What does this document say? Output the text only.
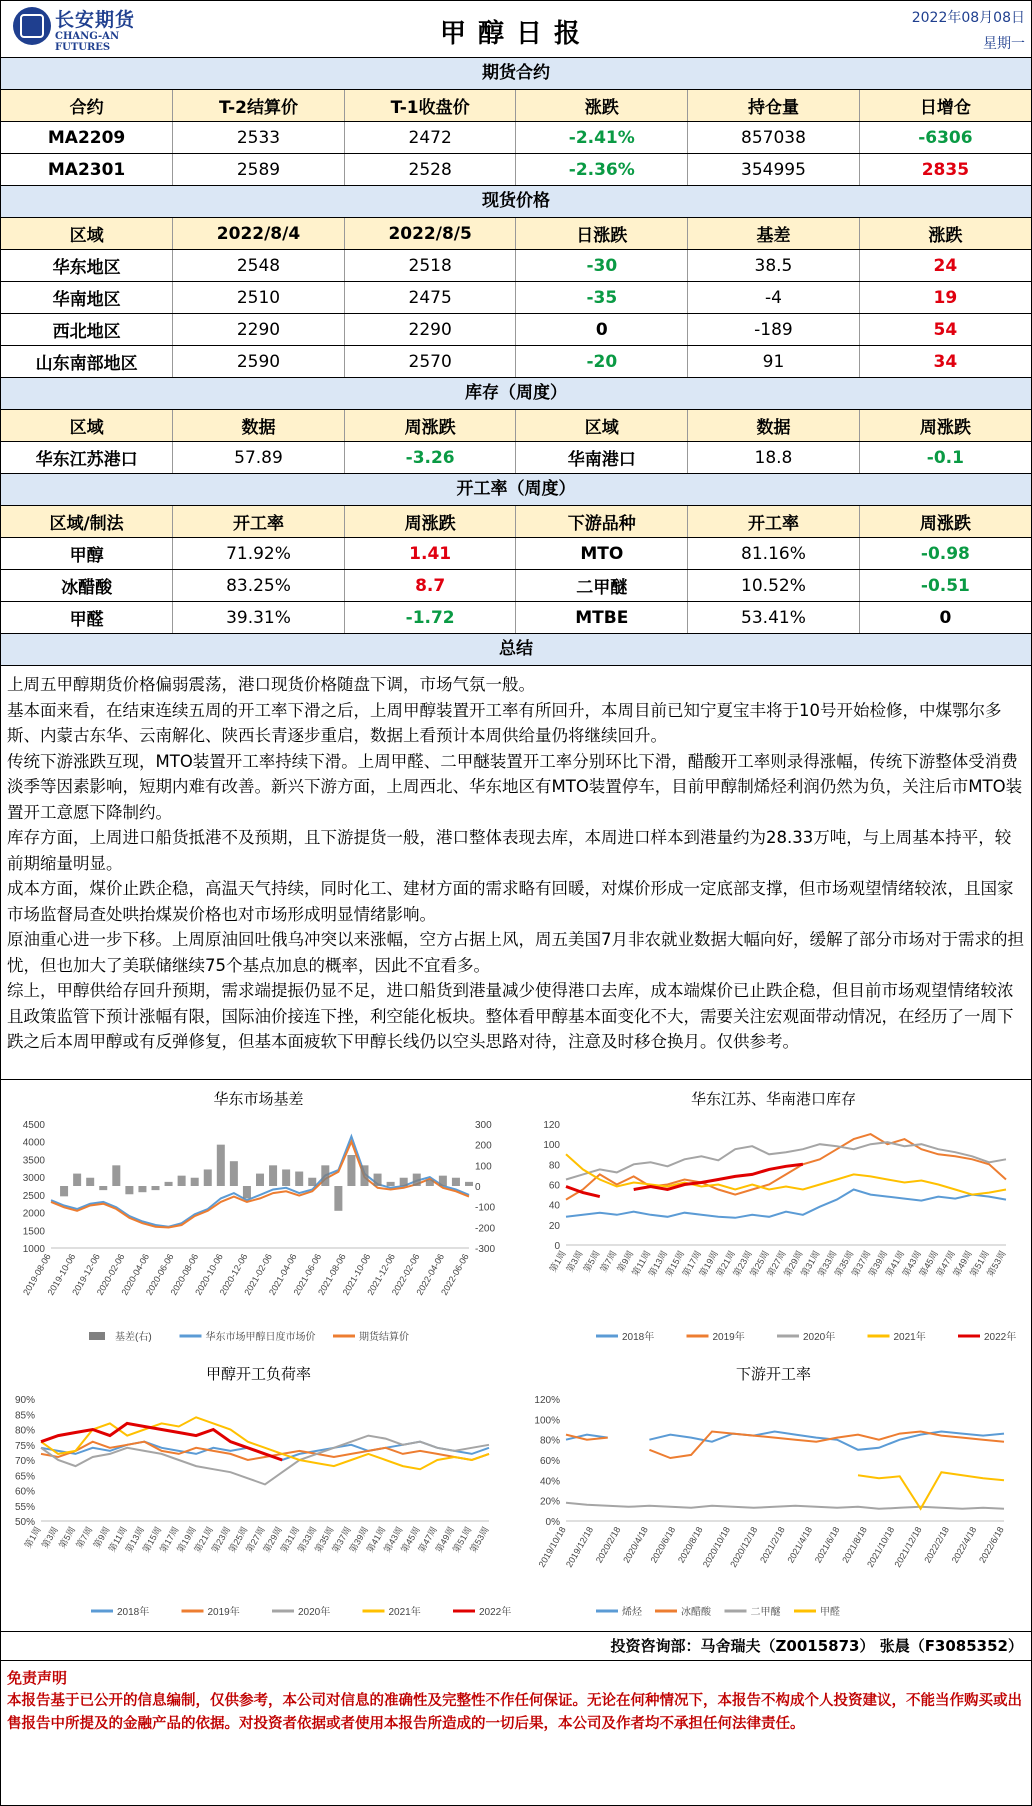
长安期货
CHANG-AN FUTURES	甲醇日报
2022年08月08日
星期一
期货合约
合约	T-2结算价	T-1收盘价	涨跌	持仓量	日增仓
MA2209	2533	2472	-2.41%	857038	-6306
MA2301	2589	2528	-2.36%	354995	2835
现货价格
区域	2022/8/4	2022/8/5	日涨跌	基差	涨跌
华东地区	2548	2518	-30	38.5	24
华南地区	2510	2475	-35	-4	19
西北地区	2290	2290	0	-189	54
山东南部地区	2590	2570	-20	91	34
库存（周度）
区域	数据	周涨跌	区域	数据	周涨跌
华东江苏港口	57.89	-3.26	华南港口	18.8	-0.1
开工率（周度）
区域/制法	开工率	周涨跌	下游品种	开工率	周涨跌
甲醇	71.92%	1.41	MTO	81.16%	-0.98
冰醋酸	83.25%	8.7	二甲醚	10.52%	-0.51
甲醛	39.31%	-1.72	MTBE	53.41%	0
总结

上周五甲醇期货价格偏弱震荡，港口现货价格随盘下调，市场气氛一般。

基本面来看，在结束连续五周的开工率下滑之后，上周甲醇装置开工率有所回升，本周目前已知宁夏宝丰将于10号开始检修，中煤鄂尔多斯、内蒙古东华、云南解化、陕西长青逐步重启，数据上看预计本周供给量仍将继续回升。

传统下游涨跌互现，MTO装置开工率持续下滑。上周甲醛、二甲醚装置开工率分别环比下滑，醋酸开工率则录得涨幅，传统下游整体受消费淡季等因素影响，短期内难有改善。新兴下游方面，上周西北、华东地区有MTO装置停车，目前甲醇制烯烃利润仍然为负，关注后市MTO装置开工意愿下降制约。

库存方面，上周进口船货抵港不及预期，且下游提货一般，港口整体表现去库，本周进口样本到港量约为28.33万吨，与上周基本持平，较前期缩量明显。

成本方面，煤价止跌企稳，高温天气持续，同时化工、建材方面的需求略有回暖，对煤价形成一定底部支撑，但市场观望情绪较浓，且国家市场监督局查处哄抬煤炭价格也对市场形成明显情绪影响。

原油重心进一步下移。上周原油回吐俄乌冲突以来涨幅，空方占据上风，周五美国7月非农就业数据大幅向好，缓解了部分市场对于需求的担忧，但也加大了美联储继续75个基点加息的概率，因此不宜看多。

综上，甲醇供给存回升预期，需求端提振仍显不足，进口船货到港量减少使得港口去库，成本端煤价已止跌企稳，但目前市场观望情绪较浓且政策监管下预计涨幅有限，国际油价接连下挫，利空能化板块。整体看甲醇基本面变化不大，需要关注宏观面带动情况，在经历了一周下跌之后本周甲醇或有反弹修复，但基本面疲软下甲醇长线仍以空头思路对待，注意及时移仓换月。仅供参考。

华东市场基差
4500
4000
3500
3000
2500
2000
1500
1000
300
200
100
0
-100
-200
-300
2019-08-06
2019-10-06
2019-12-06
2020-02-06
2020-04-06
2020-06-06
2020-08-06
2020-10-06
2020-12-06
2021-02-06
2021-04-06
2021-06-06
2021-08-06
2021-10-06
2021-12-06
2022-02-06
2022-04-06
2022-06-06
基差(右)	华东市场甲醇日度市场价	期货结算价
华东江苏、华南港口库存
120
100
80
60
40
20
0
第1周
第3周
第5周
第7周
第9周
第11周
第13周
第15周
第17周
第19周
第21周
第23周
第25周
第27周
第29周
第31周
第33周
第35周
第37周
第39周
第41周
第43周
第45周
第47周
第49周
第51周
第53周
2018年	2019年	2020年	2021年	2022年
甲醇开工负荷率
90%
85%
80%
75%
70%
65%
60%
55%
50%
第1周
第3周
第5周
第7周
第9周
第11周
第13周
第15周
第17周
第19周
第21周
第23周
第25周
第27周
第29周
第31周
第33周
第35周
第37周
第39周
第41周
第43周
第45周
第47周
第49周
第51周
第53周
2018年	2019年	2020年	2021年	2022年
下游开工率
120%
100%
80%
60%
40%
20%
0%
2019/10/18
2019/12/18
2020/2/18
2020/4/18
2020/6/18
2020/8/18
2020/10/18
2020/12/18
2021/2/18
2021/4/18
2021/6/18
2021/8/18
2021/10/18
2021/12/18
2022/2/18
2022/4/18
2022/6/18
烯烃	冰醋酸	二甲醚	甲醛
投资咨询部：马舍瑞夫（Z0015873） 张晨（F3085352）
免责声明
本报告基于已公开的信息编制，仅供参考，本公司对信息的准确性及完整性不作任何保证。无论在何种情况下，本报告不构成个人投资建议，不能当作购买或出售报告中所提及的金融产品的依据。对投资者依据或者使用本报告所造成的一切后果，本公司及作者均不承担任何法律责任。
